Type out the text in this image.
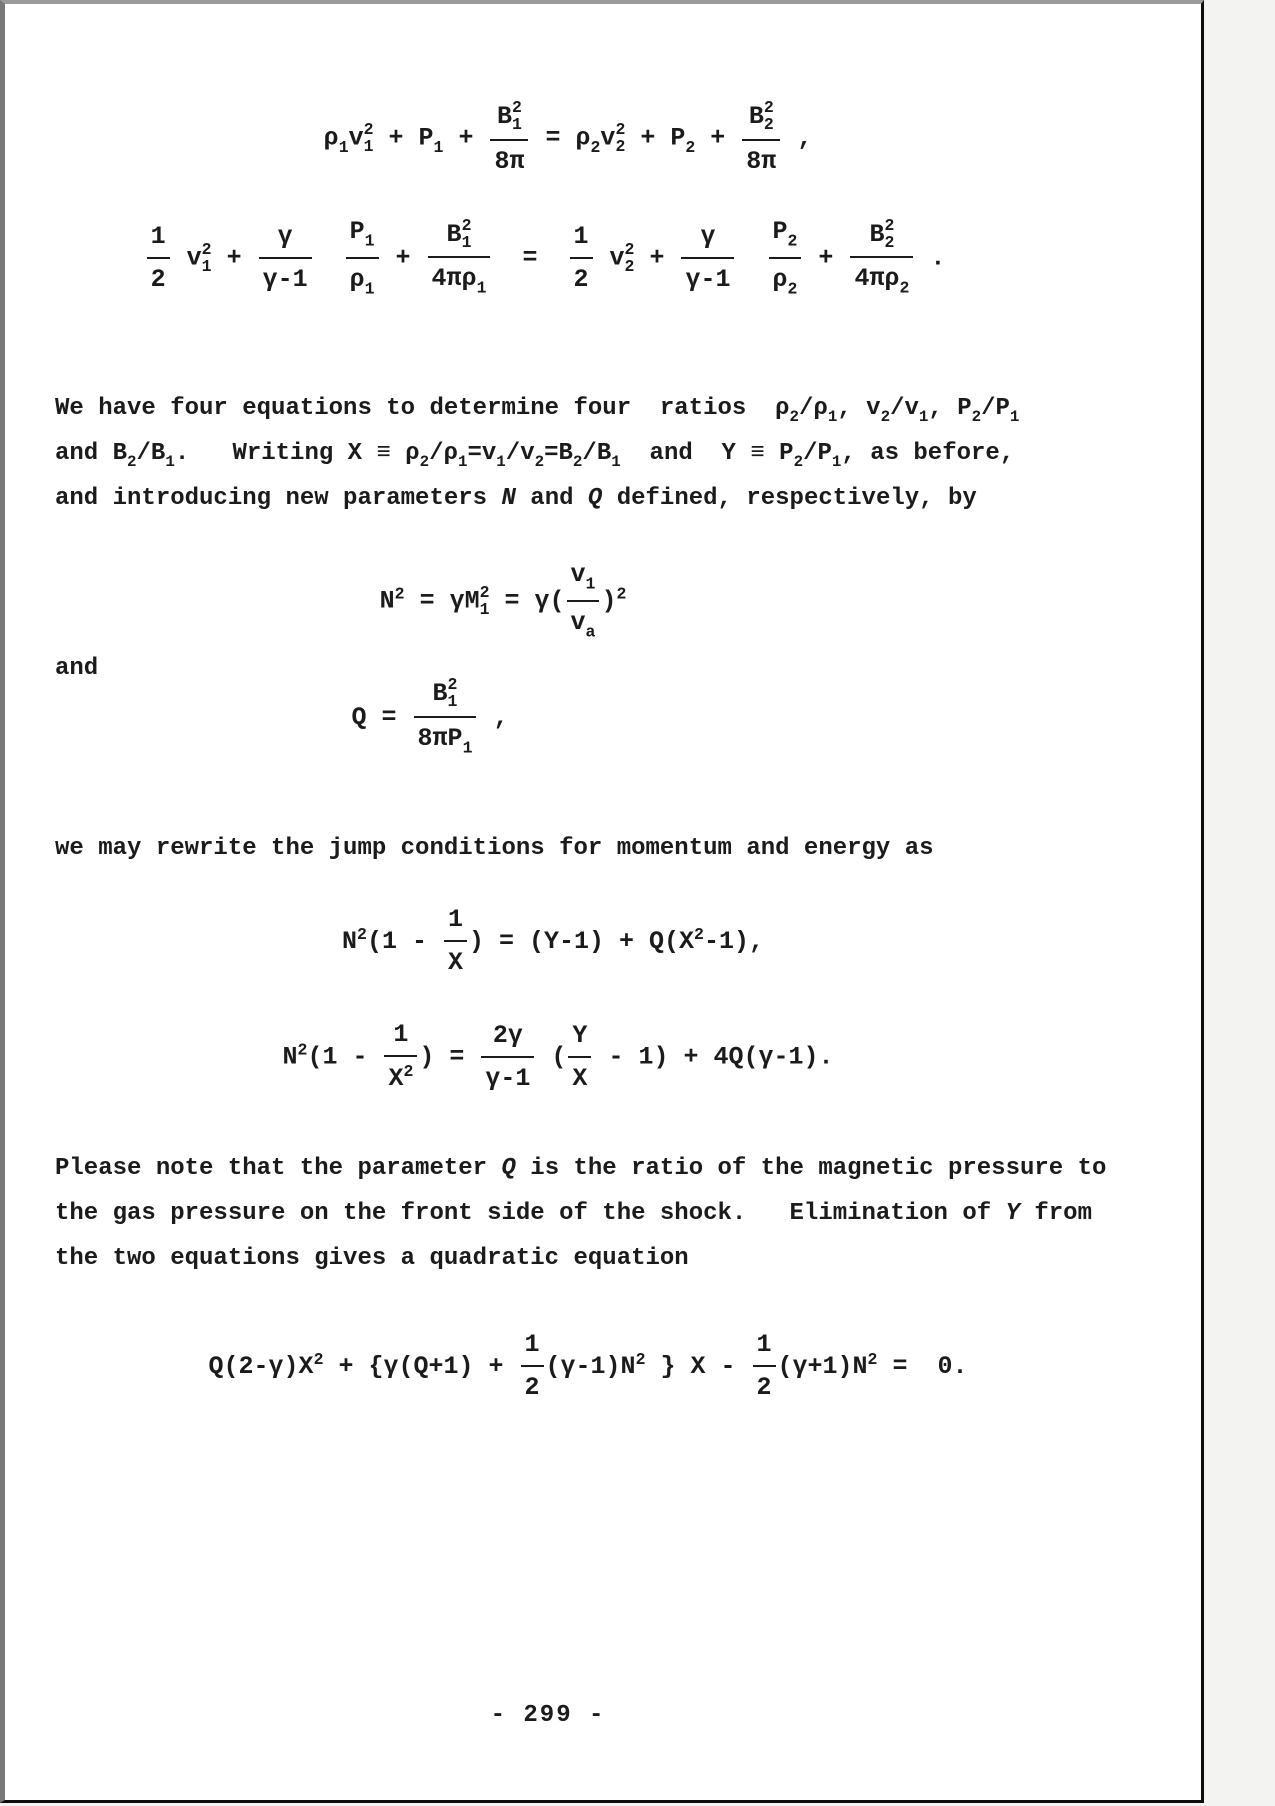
$\rho_1v$ 2
$1 + P_1 + B$ 2
1
$8\pi = \rho_2v$ 2
$2 + P_2 + B$ 2
2
8π ,
$\frac{1}{2}$ v 2
$1 + \frac{\gamma}{\gamma-1}$
$\frac{P_1}{\rho_1} + B$ 2
1
$4\pi\rho_1 = \frac{1}{2}$ v 2
$2 + \frac{\gamma}{\gamma-1}$
$\frac{P_2}{\rho_2} + B$ 2
2
$4\pi\rho_2$ .
We have four equations to determine four  ratios  $\rho_2/\rho_1$, $v_2/v_1$, $P_2/P_1$
and $B_2/B_1$.   Writing $X \equiv \rho_2/\rho_1=v_1/v_2=B_2/B_1$  and  $Y \equiv P_2/P_1$, as before,
and introducing new parameters N and Q defined, respectively, by
$N^2 = \gamma M$ 2
$1 = \gamma( \frac{v_1}{v_a} )^2$
and
Q = B 2
1
$8\pi P_1$ ,
we may rewrite the jump conditions for momentum and energy as
$N^2(1 - \frac{1}{X}$ ) = $(Y-1) + Q(X^2-1)$,
$N^2(1 - \frac{1}{X^2}$ ) = $\frac{2\gamma}{\gamma-1}$ ( $\frac{Y}{X} - 1) + 4Q(\gamma-1)$.
Please note that the parameter Q is the ratio of the magnetic pressure to
the gas pressure on the front side of the shock.   Elimination of Y from
the two equations gives a quadratic equation
$Q(2-\gamma)X^2 + \{\gamma(Q+1) + \frac{1}{2} (\gamma-1)N^2$ } $X - \frac{1}{2} (\gamma+1)N^2 = 0$.
- 299 -
